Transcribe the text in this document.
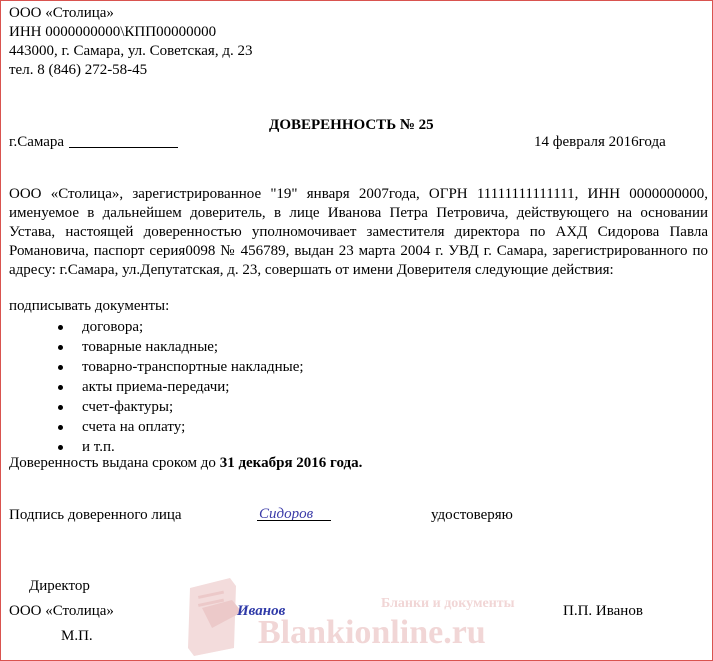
ООО «Столица»
ИНН 0000000000\КПП00000000
443000, г. Самара, ул. Советская, д. 23
тел. 8 (846) 272-58-45
ДОВЕРЕННОСТЬ № 25
г.Самара	14 февраля 2016года
ООО «Столица», зарегистрированное "19" января 2007года, ОГРН 11111111111111, ИНН 0000000000, именуемое в дальнейшем доверитель, в лице Иванова Петра Петровича, действующего на основании Устава, настоящей доверенностью уполномочивает заместителя директора по АХД Сидорова Павла Романовича, паспорт серия0098 № 456789, выдан 23 марта 2004 г. УВД г. Самара, зарегистрированного по адресу: г.Самара, ул.Депутатская, д. 23, совершать от имени Доверителя следующие действия:
подписывать документы:
договора;
товарные накладные;
товарно-транспортные накладные;
акты приема-передачи;
счет-фактуры;
счета на оплату;
и т.п.
Доверенность выдана сроком до 31 декабря 2016 года.
Подпись доверенного лица	Сидоров	удостоверяю
Бланки и документы
Blankionline.ru
Директор
ООО «Столица»	Иванов	П.П. Иванов
М.П.
